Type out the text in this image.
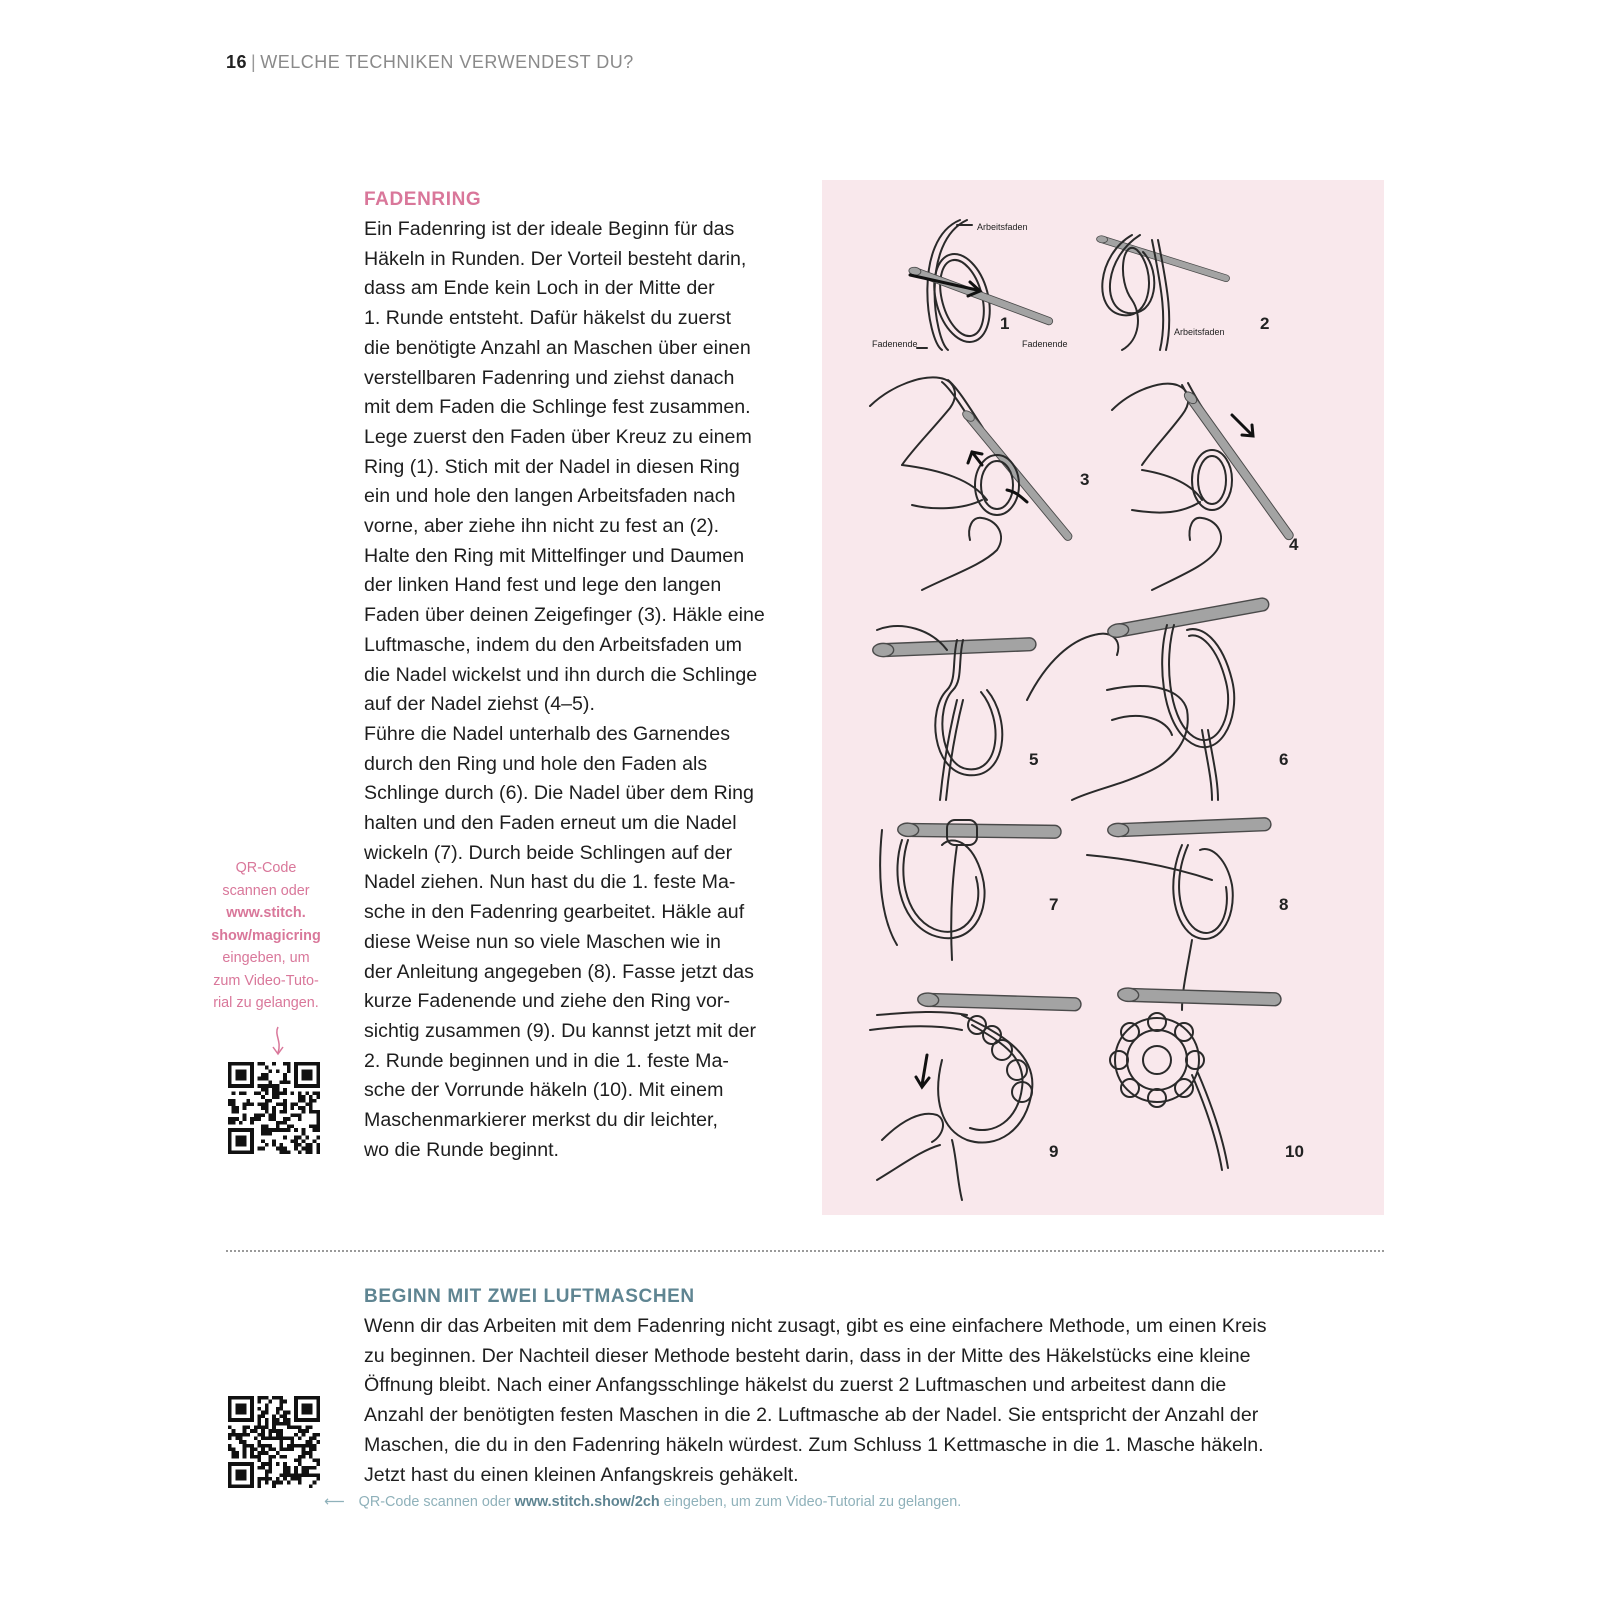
16 | WELCHE TECHNIKEN VERWENDEST DU?
FADENRING
Ein Fadenring ist der ideale Beginn für das
Häkeln in Runden. Der Vorteil besteht darin,
dass am Ende kein Loch in der Mitte der
1. Runde entsteht. Dafür häkelst du zuerst
die benötigte Anzahl an Maschen über einen
verstellbaren Fadenring und ziehst danach
mit dem Faden die Schlinge fest zusammen.
Lege zuerst den Faden über Kreuz zu einem
Ring (1). Stich mit der Nadel in diesen Ring
ein und hole den langen Arbeitsfaden nach
vorne, aber ziehe ihn nicht zu fest an (2).
Halte den Ring mit Mittelfinger und Daumen
der linken Hand fest und lege den langen
Faden über deinen Zeigefinger (3). Häkle eine
Luftmasche, indem du den Arbeitsfaden um
die Nadel wickelst und ihn durch die Schlinge
auf der Nadel ziehst (4–5).
Führe die Nadel unterhalb des Garnendes
durch den Ring und hole den Faden als
Schlinge durch (6). Die Nadel über dem Ring
halten und den Faden erneut um die Nadel
wickeln (7). Durch beide Schlingen auf der
Nadel ziehen. Nun hast du die 1. feste Ma-
sche in den Fadenring gearbeitet. Häkle auf
diese Weise nun so viele Maschen wie in
der Anleitung angegeben (8). Fasse jetzt das
kurze Fadenende und ziehe den Ring vor-
sichtig zusammen (9). Du kannst jetzt mit der
2. Runde beginnen und in die 1. feste Ma-
sche der Vorrunde häkeln (10). Mit einem
Maschenmarkierer merkst du dir leichter,
wo die Runde beginnt.
QR-Code
scannen oder
www.stitch.
show/magicring
eingeben, um
zum Video-Tuto-
rial zu gelangen.
Arbeitsfaden
Fadenende	Fadenende
Arbeitsfaden
1	2
3
4
5	6
7	8
9	10
BEGINN MIT ZWEI LUFTMASCHEN
Wenn dir das Arbeiten mit dem Fadenring nicht zusagt, gibt es eine einfachere Methode, um einen Kreis
zu beginnen. Der Nachteil dieser Methode besteht darin, dass in der Mitte des Häkelstücks eine kleine
Öffnung bleibt. Nach einer Anfangsschlinge häkelst du zuerst 2 Luftmaschen und arbeitest dann die
Anzahl der benötigten festen Maschen in die 2. Luftmasche ab der Nadel. Sie entspricht der Anzahl der
Maschen, die du in den Fadenring häkeln würdest. Zum Schluss 1 Kettmasche in die 1. Masche häkeln.
Jetzt hast du einen kleinen Anfangskreis gehäkelt.
⟵ QR-Code scannen oder www.stitch.show/2ch eingeben, um zum Video-Tutorial zu gelangen.
